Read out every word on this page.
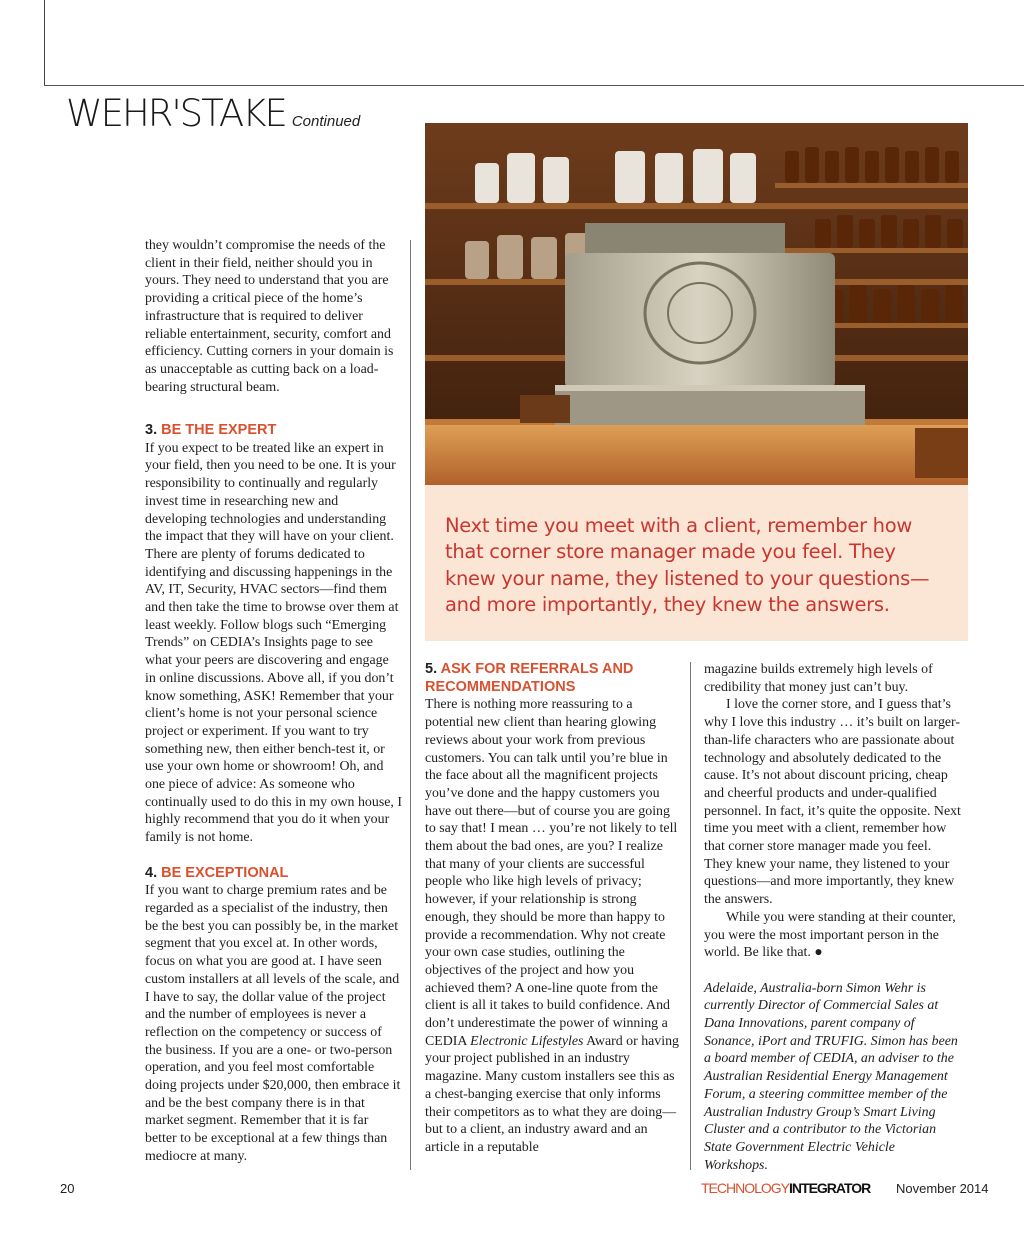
WEHR'STAKE Continued

they wouldn’t compromise the needs of the client in their field, neither should you in yours. They need to understand that you are providing a critical piece of the home’s infrastructure that is required to deliver reliable entertainment, security, comfort and efficiency. Cutting corners in your domain is as unacceptable as cutting back on a load-bearing structural beam.

3. BE THE EXPERT

If you expect to be treated like an expert in your field, then you need to be one. It is your responsibility to continually and regularly invest time in researching new and developing technologies and understanding the impact that they will have on your client. There are plenty of forums dedicated to identifying and discussing happenings in the AV, IT, Security, HVAC sectors—find them and then take the time to browse over them at least weekly. Follow blogs such “Emerging Trends” on CEDIA’s Insights page to see what your peers are discovering and engage in online discussions. Above all, if you don’t know something, ASK! Remember that your client’s home is not your personal science project or experiment. If you want to try something new, then either bench-test it, or use your own home or showroom! Oh, and one piece of advice: As someone who continually used to do this in my own house, I highly recommend that you do it when your family is not home.

4. BE EXCEPTIONAL

If you want to charge premium rates and be regarded as a specialist of the industry, then be the best you can possibly be, in the market segment that you excel at. In other words, focus on what you are good at. I have seen custom installers at all levels of the scale, and I have to say, the dollar value of the project and the number of employees is never a reflection on the competency or success of the business. If you are a one- or two-person operation, and you feel most comfortable doing projects under $20,000, then embrace it and be the best company there is in that market segment. Remember that it is far better to be exceptional at a few things than mediocre at many.

Next time you meet with a client, remember how that corner store manager made you feel. They knew your name, they listened to your questions—and more importantly, they knew the answers.

5. ASK FOR REFERRALS AND RECOMMENDATIONS

There is nothing more reassuring to a potential new client than hearing glowing reviews about your work from previous customers. You can talk until you’re blue in the face about all the magnificent projects you’ve done and the happy customers you have out there—but of course you are going to say that! I mean … you’re not likely to tell them about the bad ones, are you? I realize that many of your clients are successful people who like high levels of privacy; however, if your relationship is strong enough, they should be more than happy to provide a recommendation. Why not create your own case studies, outlining the objectives of the project and how you achieved them? A one-line quote from the client is all it takes to build confidence. And don’t underestimate the power of winning a CEDIA Electronic Lifestyles Award or having your project published in an industry magazine. Many custom installers see this as a chest-banging exercise that only informs their competitors as to what they are doing—but to a client, an industry award and an article in a reputable

magazine builds extremely high levels of credibility that money just can’t buy.

I love the corner store, and I guess that’s why I love this industry … it’s built on larger-than-life characters who are passionate about technology and absolutely dedicated to the cause. It’s not about discount pricing, cheap and cheerful products and under-qualified personnel. In fact, it’s quite the opposite. Next time you meet with a client, remember how that corner store manager made you feel. They knew your name, they listened to your questions—and more importantly, they knew the answers.

While you were standing at their counter, you were the most important person in the world. Be like that. ●

Adelaide, Australia-born Simon Wehr is currently Director of Commercial Sales at Dana Innovations, parent company of Sonance, iPort and TRUFIG. Simon has been a board member of CEDIA, an adviser to the Australian Residential Energy Management Forum, a steering committee member of the Australian Industry Group’s Smart Living Cluster and a contributor to the Victorian State Government Electric Vehicle Workshops.

20	TECHNOLOGYINTEGRATOR November 2014
